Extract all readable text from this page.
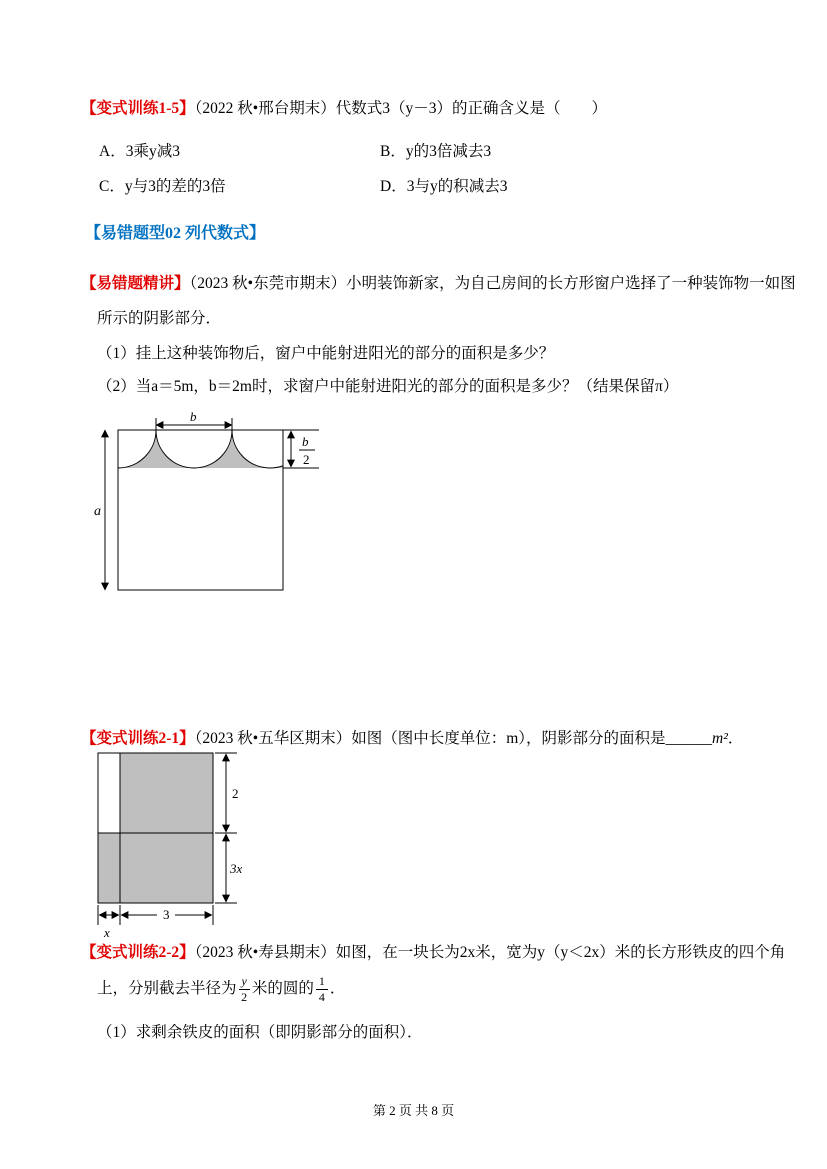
【变式训练1-5】（2022 秋•邢台期末）代数式3（y－3）的正确含义是（　　）
A．3乘y减3	B．y的3倍减去3
C．y与3的差的3倍	D．3与y的积减去3
【易错题型02 列代数式】
【易错题精讲】（2023 秋•东莞市期末）小明装饰新家，为自己房间的长方形窗户选择了一种装饰物一如图
所示的阴影部分．
（1）挂上这种装饰物后，窗户中能射进阳光的部分的面积是多少？
（2）当a＝5m，b＝2m时，求窗户中能射进阳光的部分的面积是多少？（结果保留π）
a
b
b
2
【变式训练2-1】（2023 秋•五华区期末）如图（图中长度单位：m），阴影部分的面积是______m²．
2
3x
3
x
【变式训练2-2】（2023 秋•寿县期末）如图，在一块长为2x米，宽为y（y＜2x）米的长方形铁皮的四个角
上，分别截去半径为 $\frac{y}{2}$ 米的圆的 $\frac{1}{4}$ ．
（1）求剩余铁皮的面积（即阴影部分的面积）．
第 2 页 共 8 页
